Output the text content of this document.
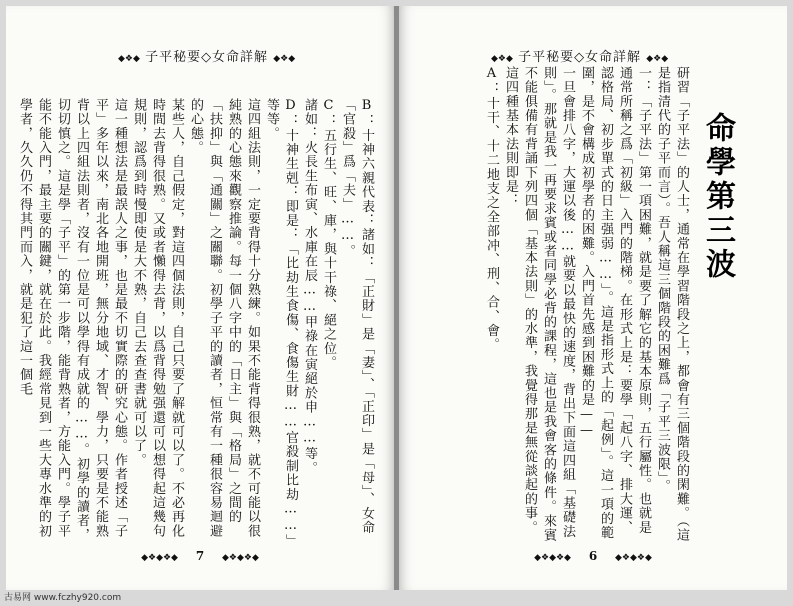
◆❖◆ 子平秘要◇女命詳解 ◆❖◆

B：十神六親代表：諸如：「正財」是「妻」、「正印」是「母」、女命「官殺」爲「夫」……。

C：五行生、旺、庫，與十干祿、絕之位。

諸如：火長生布寅、水庫在辰……甲祿在寅絕於申……等。

D：十神生剋：即是：「比劫生食傷、食傷生財……官殺制比劫……」等等。

這四組法則，一定要背得十分熟練。如果不能背得很熟，就不可能以很純熟的心態來觀察推論。每一個八字中的「日主」與「格局」之間的「扶抑」與「通關」之關聯。初學子平的讀者，恒常有一種很容易迴避的心態。

某些人，自己假定，對這四個法則，自己只要了解就可以了。不必再化時間去背得很熟。又或者懶得去背，以爲背得勉强還可以想得起這幾句規則，認爲到時慢即使是大不熟，自己去查查書就可以了。

這一種想法是最誤人之事，也是最不切實際的研究心態。作者授述「子平」多年以來，南北各地開班，無分地域、才智、學力，只要是不能熟背以上四組法則者，沒有一位是可以學得有成就的……。初學的讀者，切切慎之。這是學「子平」的第一步階，能背熟者，方能入門。學子平能不能入門，最主要的關鍵，就在於此。我經常見到一些大專水準的初學者，久久仍不得其門而入，就是犯了這一個毛

◆❖◆❖◆ 7 ◆❖◆❖◆
◆❖◆ 子平秘要◇女命詳解 ◆❖◆
命學第三波

研習「子平法」的人士，通常在學習階段之上，都會有三個階段的閑難。（這是指清代的子平而言）。吾人稱這三個階段的困難爲「子平三波限」。

一：「子平法」第一項困難，就是要了解它的基本原則，五行屬性。也就是通常所稱之爲「初級」入門的階梯。在形式上是：要學「起八字、排大運、認格局、初步單式的日主强弱……」。這是指形式上的「起例」。這一項的範圍，是不會構成初學者的困難。入門首先感到困難的是——

一旦會排八字，大運以後……就要以最快的速度，背出下面這四組「基礎法則」。那就是我一再要求賓或者同學必背的課程，這也是我會客的條件。來賓不能俱備有背誦下列四個「基本法則」的水準，我覺得那是無從談起的事。

這四種基本法則即是：

A：十干、十二地支之全部冲、刑、合、會。

◆❖◆❖◆ 6 ◆❖◆❖◆
古易网 www.fczhy920.com
